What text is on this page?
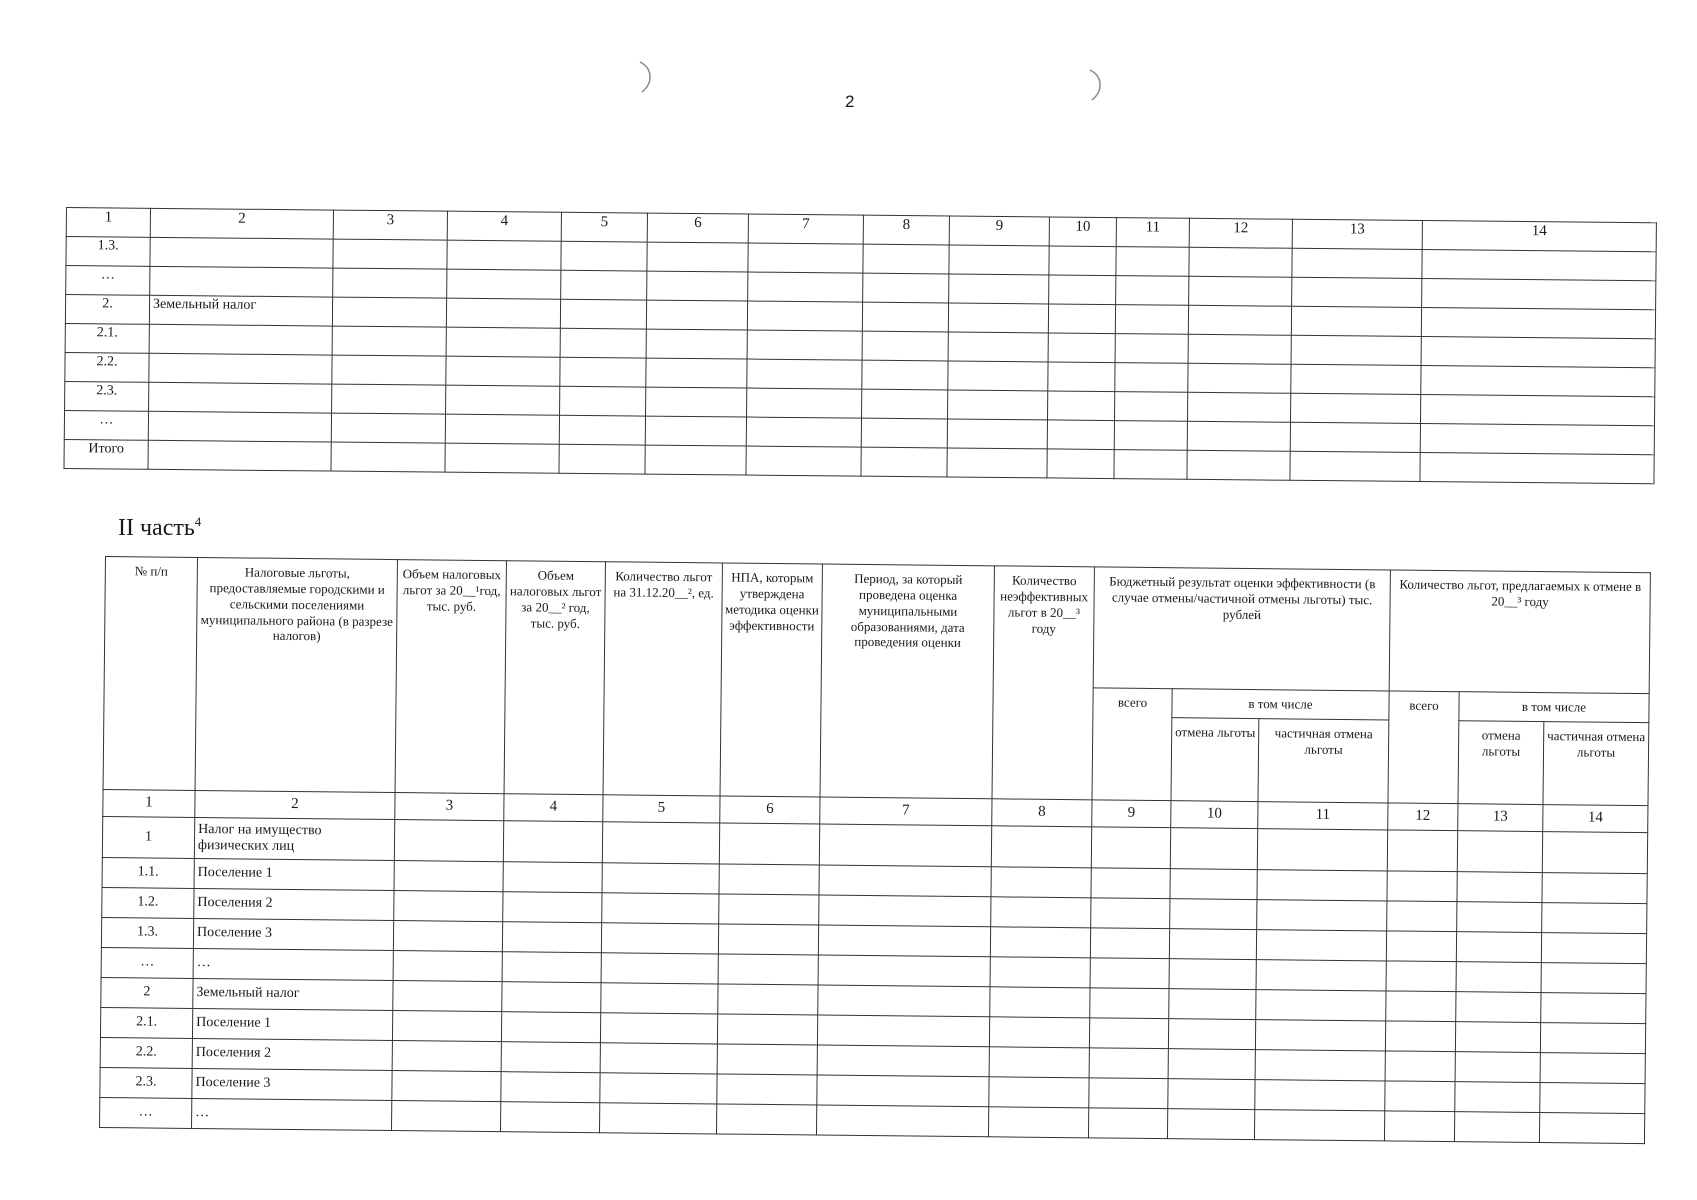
2
1	2	3	4	5	6	7	8	9	10	11	12	13	14
1.3.													
…													
2.	Земельный налог												
2.1.													
2.2.													
2.3.													
…													
Итого													
II часть$^4$
№ п/п	Налоговые льготы, предоставляемые городскими и сельскими поселениями муниципального района (в разрезе налогов)	Объем налоговых льгот за 20__¹год, тыс. руб.	Объем налоговых льгот за 20__² год, тыс. руб.	Количество льгот на 31.12.20__², ед.	НПА, которым утверждена методика оценки эффективности	Период, за который проведена оценка муниципальными образованиями, дата проведения оценки	Количество неэффективных льгот в 20__³ году	Бюджетный результат оценки эффективности (в случае отмены/частичной отмены льготы) тыс. рублей			Количество льгот, предлагаемых к отмене в 20__³ году		
								всего	в том числе		всего	в том числе	
									отмена льготы	частичная отмена льготы		отмена льготы	частичная отмена льготы
1	2	3	4	5	6	7	8	9	10	11	12	13	14
1	Налог на имущество физических лиц												
1.1.	Поселение 1												
1.2.	Поселения 2												
1.3.	Поселение 3												
…	…												
2	Земельный налог												
2.1.	Поселение 1												
2.2.	Поселения 2												
2.3.	Поселение 3												
…	…												
